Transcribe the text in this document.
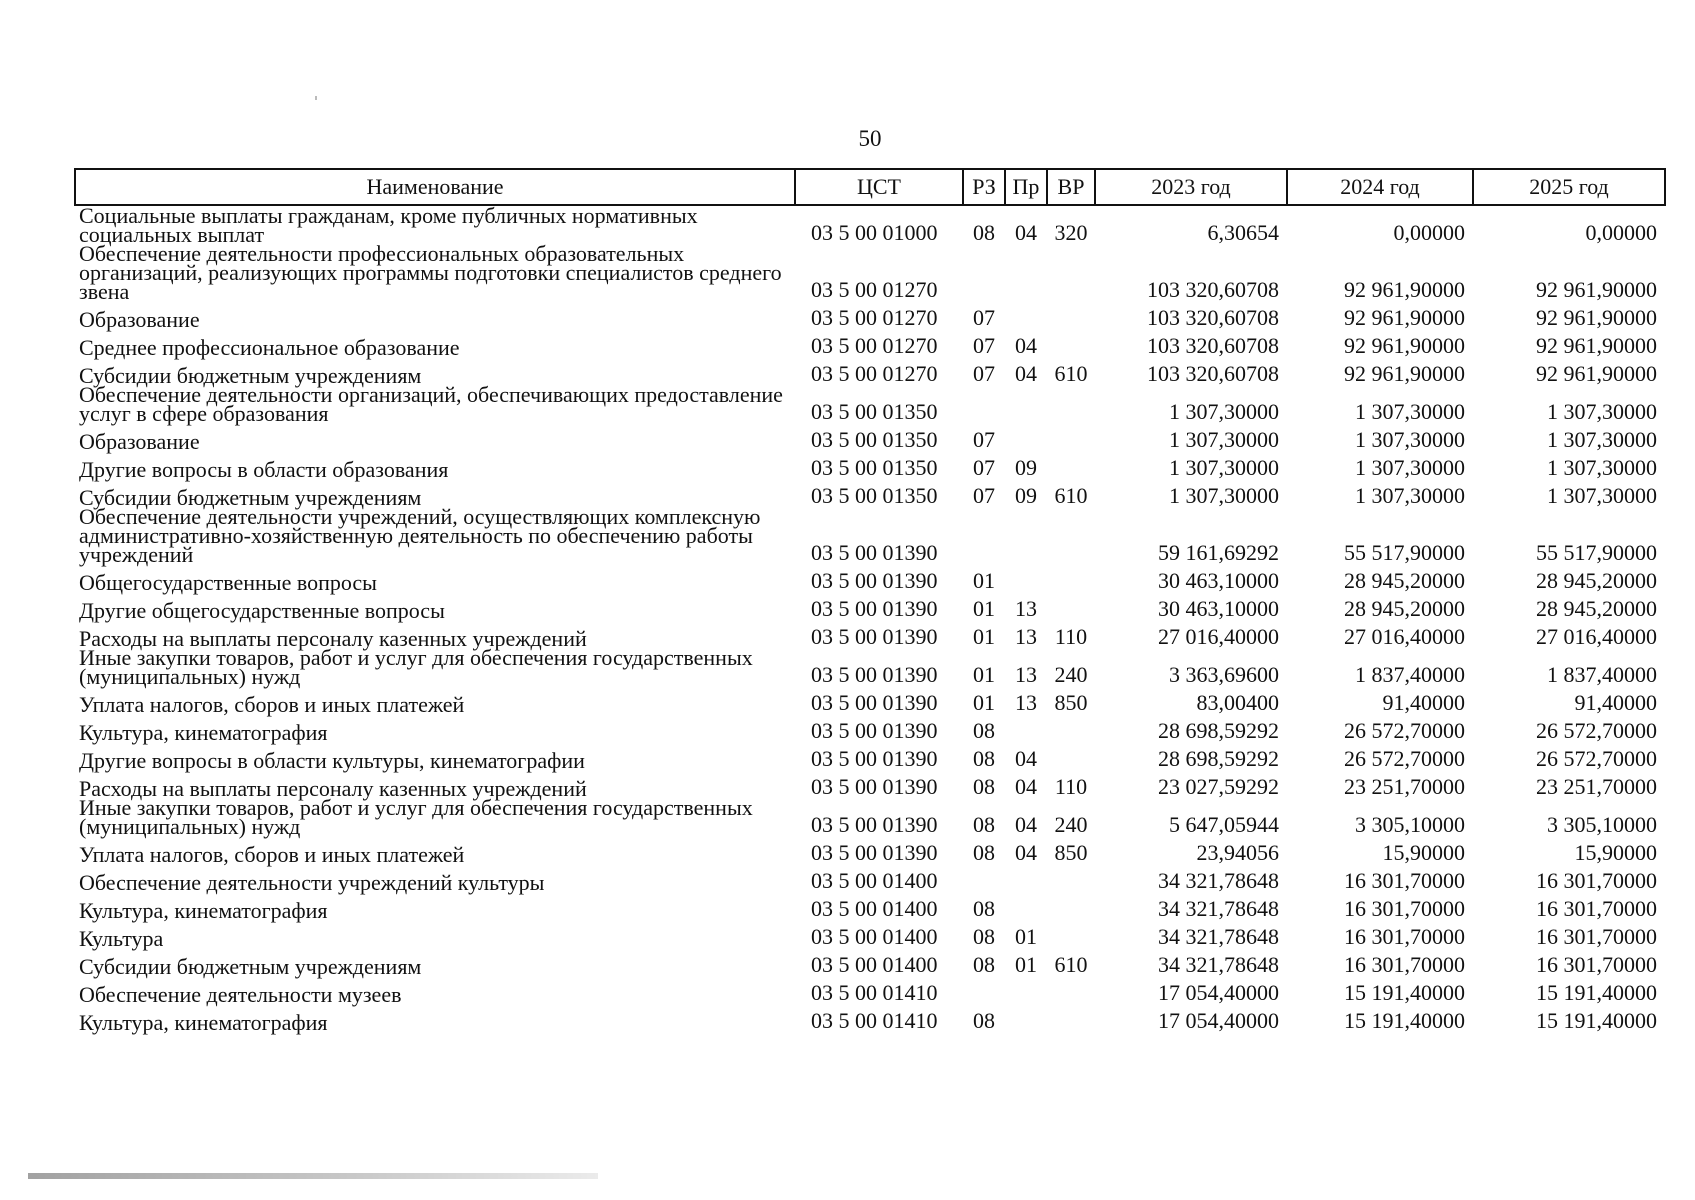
50
Наименование	ЦСТ	РЗ	Пр	ВР	2023 год	2024 год	2025 год
Социальные выплаты гражданам, кроме публичных нормативных социальных выплат	03 5 00 01000	08	04	320	6,30654	0,00000	0,00000
Обеспечение деятельности профессиональных образовательных организаций, реализующих программы подготовки специалистов среднего звена	03 5 00 01270				103 320,60708	92 961,90000	92 961,90000
Образование	03 5 00 01270	07			103 320,60708	92 961,90000	92 961,90000
Среднее профессиональное образование	03 5 00 01270	07	04		103 320,60708	92 961,90000	92 961,90000
Субсидии бюджетным учреждениям	03 5 00 01270	07	04	610	103 320,60708	92 961,90000	92 961,90000
Обеспечение деятельности организаций, обеспечивающих предоставление услуг в сфере образования	03 5 00 01350				1 307,30000	1 307,30000	1 307,30000
Образование	03 5 00 01350	07			1 307,30000	1 307,30000	1 307,30000
Другие вопросы в области образования	03 5 00 01350	07	09		1 307,30000	1 307,30000	1 307,30000
Субсидии бюджетным учреждениям	03 5 00 01350	07	09	610	1 307,30000	1 307,30000	1 307,30000
Обеспечение деятельности учреждений, осуществляющих комплексную административно-хозяйственную деятельность по обеспечению работы учреждений	03 5 00 01390				59 161,69292	55 517,90000	55 517,90000
Общегосударственные вопросы	03 5 00 01390	01			30 463,10000	28 945,20000	28 945,20000
Другие общегосударственные вопросы	03 5 00 01390	01	13		30 463,10000	28 945,20000	28 945,20000
Расходы на выплаты персоналу казенных учреждений	03 5 00 01390	01	13	110	27 016,40000	27 016,40000	27 016,40000
Иные закупки товаров, работ и услуг для обеспечения государственных (муниципальных) нужд	03 5 00 01390	01	13	240	3 363,69600	1 837,40000	1 837,40000
Уплата налогов, сборов и иных платежей	03 5 00 01390	01	13	850	83,00400	91,40000	91,40000
Культура, кинематография	03 5 00 01390	08			28 698,59292	26 572,70000	26 572,70000
Другие вопросы в области культуры, кинематографии	03 5 00 01390	08	04		28 698,59292	26 572,70000	26 572,70000
Расходы на выплаты персоналу казенных учреждений	03 5 00 01390	08	04	110	23 027,59292	23 251,70000	23 251,70000
Иные закупки товаров, работ и услуг для обеспечения государственных (муниципальных) нужд	03 5 00 01390	08	04	240	5 647,05944	3 305,10000	3 305,10000
Уплата налогов, сборов и иных платежей	03 5 00 01390	08	04	850	23,94056	15,90000	15,90000
Обеспечение деятельности учреждений культуры	03 5 00 01400				34 321,78648	16 301,70000	16 301,70000
Культура, кинематография	03 5 00 01400	08			34 321,78648	16 301,70000	16 301,70000
Культура	03 5 00 01400	08	01		34 321,78648	16 301,70000	16 301,70000
Субсидии бюджетным учреждениям	03 5 00 01400	08	01	610	34 321,78648	16 301,70000	16 301,70000
Обеспечение деятельности музеев	03 5 00 01410				17 054,40000	15 191,40000	15 191,40000
Культура, кинематография	03 5 00 01410	08			17 054,40000	15 191,40000	15 191,40000
